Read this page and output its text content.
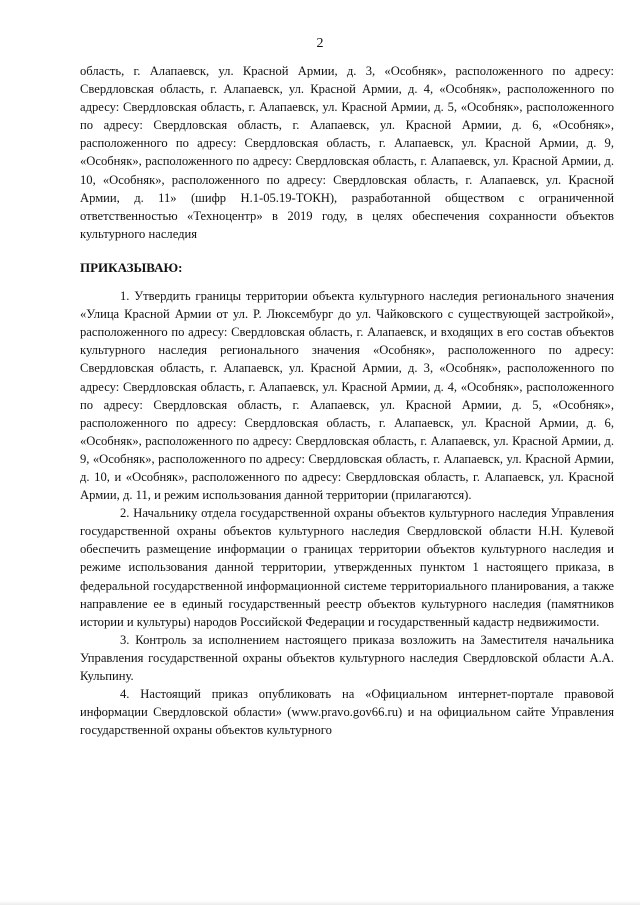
2

область, г. Алапаевск, ул. Красной Армии, д. 3, «Особняк», расположенного по адресу: Свердловская область, г. Алапаевск, ул. Красной Армии, д. 4, «Особняк», расположенного по адресу: Свердловская область, г. Алапаевск, ул. Красной Армии, д. 5, «Особняк», расположенного по адресу: Свердловская область, г. Алапаевск, ул. Красной Армии, д. 6, «Особняк», расположенного по адресу: Свердловская область, г. Алапаевск, ул. Красной Армии, д. 9, «Особняк», расположенного по адресу: Свердловская область, г. Алапаевск, ул. Красной Армии, д. 10, «Особняк», расположенного по адресу: Свердловская область, г. Алапаевск, ул. Красной Армии, д. 11» (шифр Н.1-05.19-ТОКН), разработанной обществом с ограниченной ответственностью «Техноцентр» в 2019 году, в целях обеспечения сохранности объектов культурного наследия

ПРИКАЗЫВАЮ:

1. Утвердить границы территории объекта культурного наследия регионального значения «Улица Красной Армии от ул. Р. Люксембург до ул. Чайковского с существующей застройкой», расположенного по адресу: Свердловская область, г. Алапаевск, и входящих в его состав объектов культурного наследия регионального значения «Особняк», расположенного по адресу: Свердловская область, г. Алапаевск, ул. Красной Армии, д. 3, «Особняк», расположенного по адресу: Свердловская область, г. Алапаевск, ул. Красной Армии, д. 4, «Особняк», расположенного по адресу: Свердловская область, г. Алапаевск, ул. Красной Армии, д. 5, «Особняк», расположенного по адресу: Свердловская область, г. Алапаевск, ул. Красной Армии, д. 6, «Особняк», расположенного по адресу: Свердловская область, г. Алапаевск, ул. Красной Армии, д. 9, «Особняк», расположенного по адресу: Свердловская область, г. Алапаевск, ул. Красной Армии, д. 10, и «Особняк», расположенного по адресу: Свердловская область, г. Алапаевск, ул. Красной Армии, д. 11, и режим использования данной территории (прилагаются).

2. Начальнику отдела государственной охраны объектов культурного наследия Управления государственной охраны объектов культурного наследия Свердловской области Н.Н. Кулевой обеспечить размещение информации о границах территории объектов культурного наследия и режиме использования данной территории, утвержденных пунктом 1 настоящего приказа, в федеральной государственной информационной системе территориального планирования, а также направление ее в единый государственный реестр объектов культурного наследия (памятников истории и культуры) народов Российской Федерации и государственный кадастр недвижимости.

3. Контроль за исполнением настоящего приказа возложить на Заместителя начальника Управления государственной охраны объектов культурного наследия Свердловской области А.А. Кульпину.

4. Настоящий приказ опубликовать на «Официальном интернет-портале правовой информации Свердловской области» (www.pravo.gov66.ru) и на официальном сайте Управления государственной охраны объектов культурного
